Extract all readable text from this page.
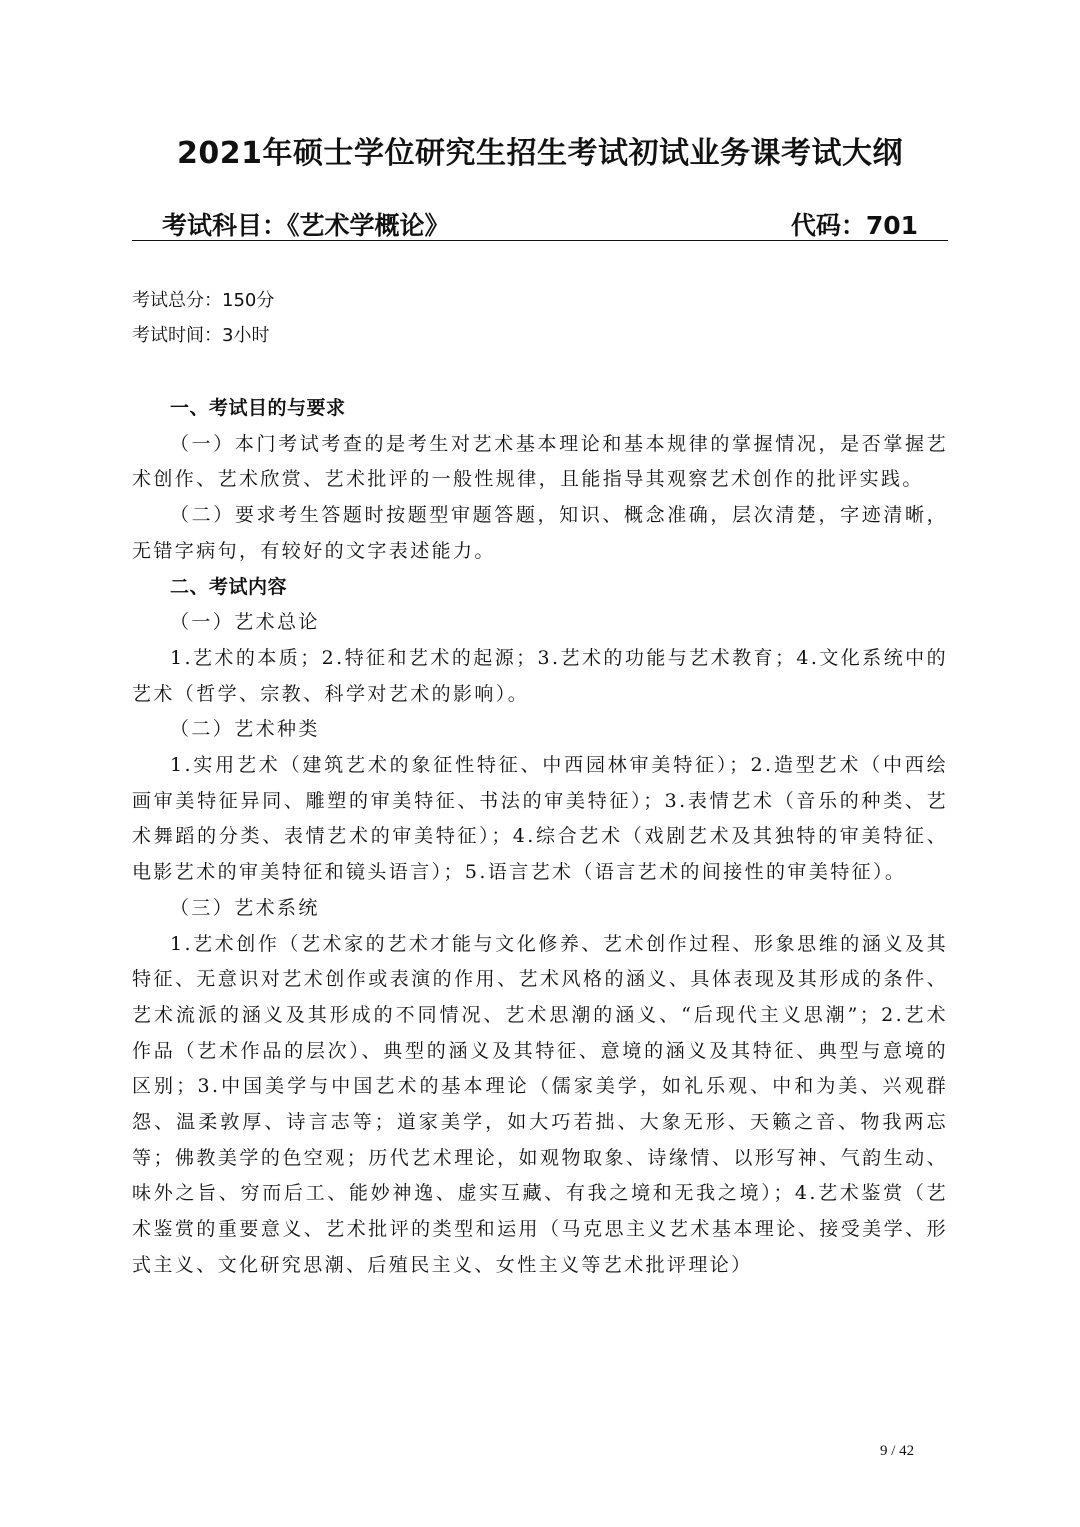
2021年硕士学位研究生招生考试初试业务课考试大纲
考试科目：《艺术学概论》	代码：701
考试总分：150分
考试时间：3小时

一、考试目的与要求

（一）本门考试考查的是考生对艺术基本理论和基本规律的掌握情况，是否掌握艺术创作、艺术欣赏、艺术批评的一般性规律，且能指导其观察艺术创作的批评实践。

（二）要求考生答题时按题型审题答题，知识、概念准确，层次清楚，字迹清晰，无错字病句，有较好的文字表述能力。

二、考试内容

（一）艺术总论

1.艺术的本质；2.特征和艺术的起源；3.艺术的功能与艺术教育；4.文化系统中的艺术（哲学、宗教、科学对艺术的影响）。

（二）艺术种类

1.实用艺术（建筑艺术的象征性特征、中西园林审美特征）；2.造型艺术（中西绘画审美特征异同、雕塑的审美特征、书法的审美特征）；3.表情艺术（音乐的种类、艺术舞蹈的分类、表情艺术的审美特征）；4.综合艺术（戏剧艺术及其独特的审美特征、电影艺术的审美特征和镜头语言）；5.语言艺术（语言艺术的间接性的审美特征）。

（三）艺术系统

1.艺术创作（艺术家的艺术才能与文化修养、艺术创作过程、形象思维的涵义及其特征、无意识对艺术创作或表演的作用、艺术风格的涵义、具体表现及其形成的条件、艺术流派的涵义及其形成的不同情况、艺术思潮的涵义、“后现代主义思潮”；2.艺术作品（艺术作品的层次）、典型的涵义及其特征、意境的涵义及其特征、典型与意境的区别；3.中国美学与中国艺术的基本理论（儒家美学，如礼乐观、中和为美、兴观群怨、温柔敦厚、诗言志等；道家美学，如大巧若拙、大象无形、天籁之音、物我两忘等；佛教美学的色空观；历代艺术理论，如观物取象、诗缘情、以形写神、气韵生动、味外之旨、穷而后工、能妙神逸、虚实互藏、有我之境和无我之境）；4.艺术鉴赏（艺术鉴赏的重要意义、艺术批评的类型和运用（马克思主义艺术基本理论、接受美学、形式主义、文化研究思潮、后殖民主义、女性主义等艺术批评理论）

9 / 42
